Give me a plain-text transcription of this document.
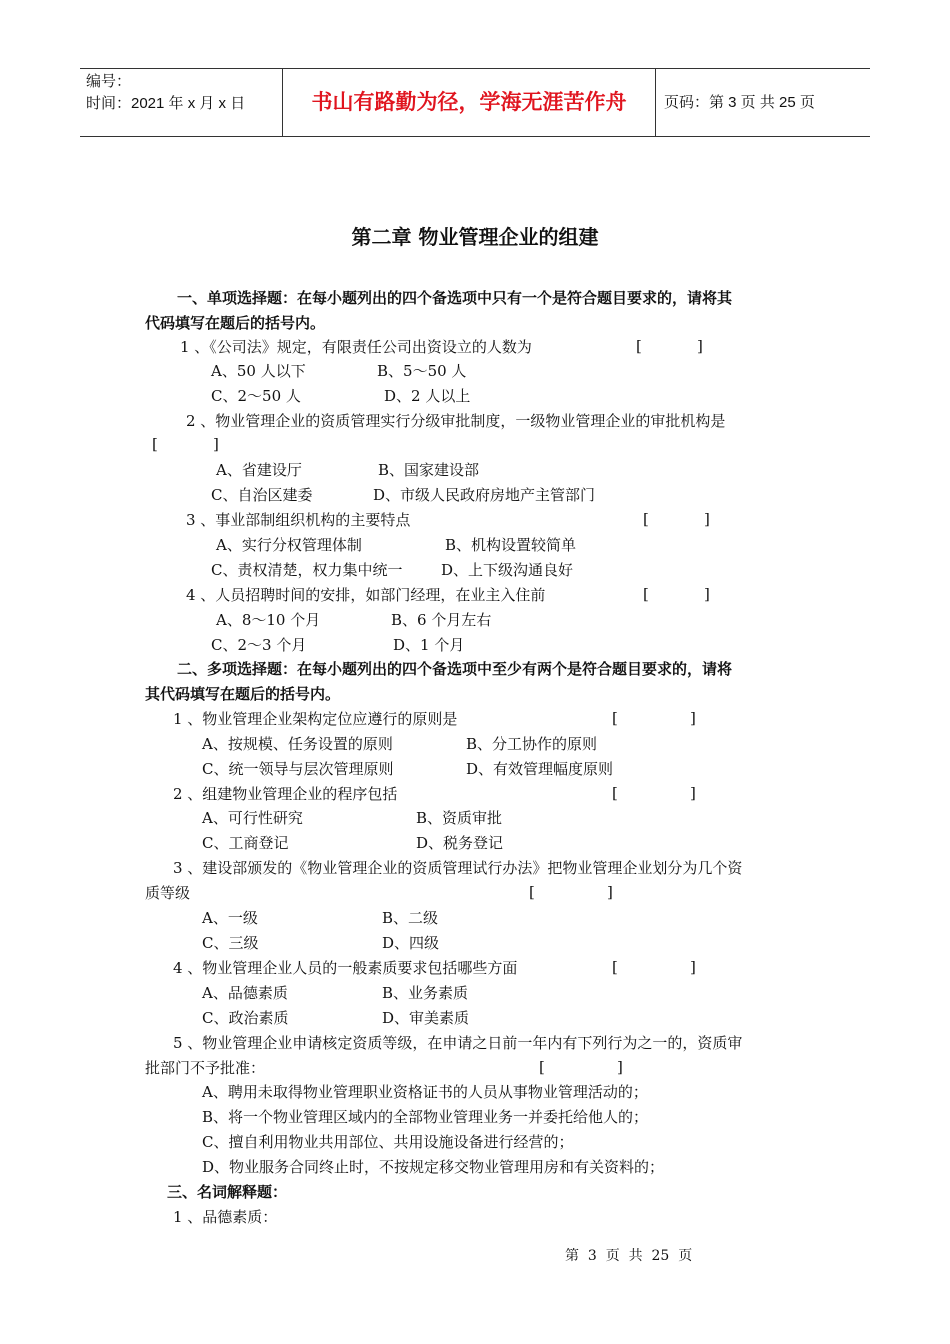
编号：
时间：2021 年 x 月 x 日	书山有路勤为径，学海无涯苦作舟	页码：第 3 页 共 25 页
第二章 物业管理企业的组建
一、单项选择题：在每小题列出的四个备选项中只有一个是符合题目要求的，请将其
代码填写在题后的括号内。
1 、《公司法》规定，有限责任公司出资设立的人数为	[	]
A、50 人以下	B、5～50 人
C、2～50 人	D、2 人以上
2 、物业管理企业的资质管理实行分级审批制度，一级物业管理企业的审批机构是
[	]
A、省建设厅	B、国家建设部
C、自治区建委	D、市级人民政府房地产主管部门
3 、事业部制组织机构的主要特点	[	]
A、实行分权管理体制	B、机构设置较简单
C、责权清楚，权力集中统一	D、上下级沟通良好
4 、人员招聘时间的安排，如部门经理，在业主入住前	[	]
A、8～10 个月	B、6 个月左右
C、2～3 个月	D、1 个月
二、多项选择题：在每小题列出的四个备选项中至少有两个是符合题目要求的，请将
其代码填写在题后的括号内。
1 、物业管理企业架构定位应遵行的原则是	[	]
A、按规模、任务设置的原则	B、分工协作的原则
C、统一领导与层次管理原则	D、有效管理幅度原则
2 、组建物业管理企业的程序包括	[	]
A、可行性研究	B、资质审批
C、工商登记	D、税务登记
3 、建设部颁发的《物业管理企业的资质管理试行办法》把物业管理企业划分为几个资
质等级	[	]
A、一级	B、二级
C、三级	D、四级
4 、物业管理企业人员的一般素质要求包括哪些方面	[	]
A、品德素质	B、业务素质
C、政治素质	D、审美素质
5 、物业管理企业申请核定资质等级，在申请之日前一年内有下列行为之一的，资质审
批部门不予批准：	[	]
A、聘用未取得物业管理职业资格证书的人员从事物业管理活动的；
B、将一个物业管理区域内的全部物业管理业务一并委托给他人的；
C、擅自利用物业共用部位、共用设施设备进行经营的；
D、物业服务合同终止时，不按规定移交物业管理用房和有关资料的；
三、名词解释题：
1 、品德素质：
第  3  页  共  25  页
